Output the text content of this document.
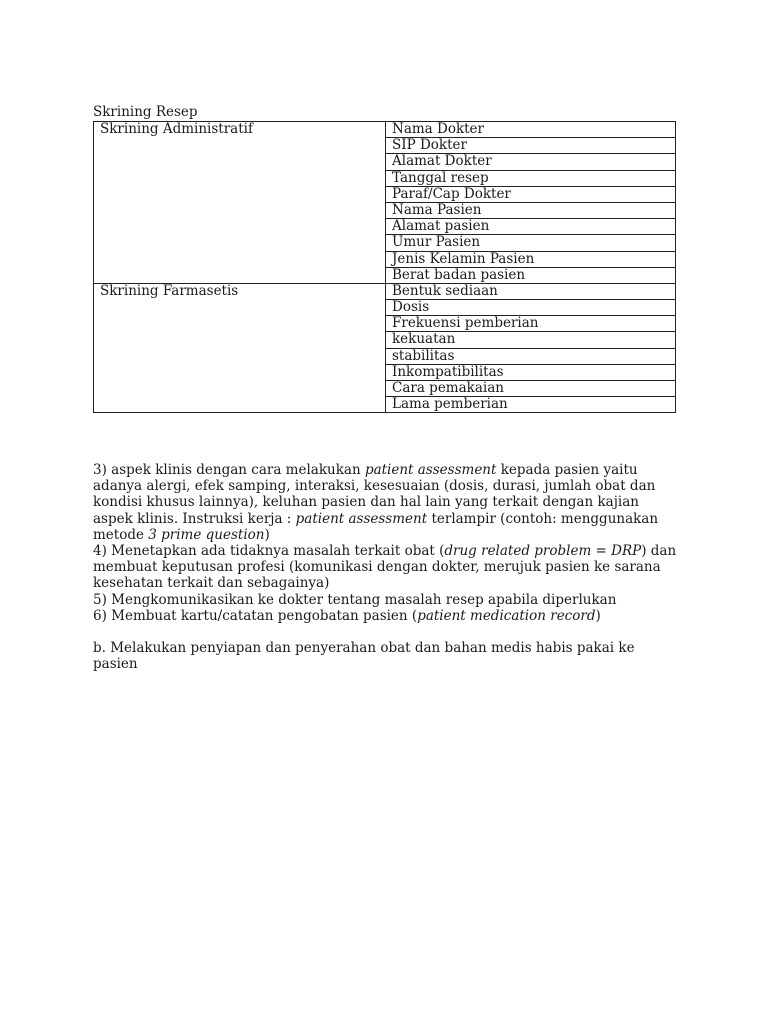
Skrining Resep
Skrining Administratif	Nama Dokter
	SIP Dokter
	Alamat Dokter
	Tanggal resep
	Paraf/Cap Dokter
	Nama Pasien
	Alamat pasien
	Umur Pasien
	Jenis Kelamin Pasien
	Berat badan pasien
Skrining Farmasetis	Bentuk sediaan
	Dosis
	Frekuensi pemberian
	kekuatan
	stabilitas
	Inkompatibilitas
	Cara pemakaian
	Lama pemberian

3) aspek klinis dengan cara melakukan patient assessment kepada pasien yaitu adanya alergi, efek samping, interaksi, kesesuaian (dosis, durasi, jumlah obat dan kondisi khusus lainnya), keluhan pasien dan hal lain yang terkait dengan kajian aspek klinis. Instruksi kerja : patient assessment terlampir (contoh: menggunakan metode 3 prime question)

4) Menetapkan ada tidaknya masalah terkait obat (drug related problem = DRP) dan membuat keputusan profesi (komunikasi dengan dokter, merujuk pasien ke sarana kesehatan terkait dan sebagainya)

5) Mengkomunikasikan ke dokter tentang masalah resep apabila diperlukan

6) Membuat kartu/catatan pengobatan pasien (patient medication record)

b. Melakukan penyiapan dan penyerahan obat dan bahan medis habis pakai ke pasien
